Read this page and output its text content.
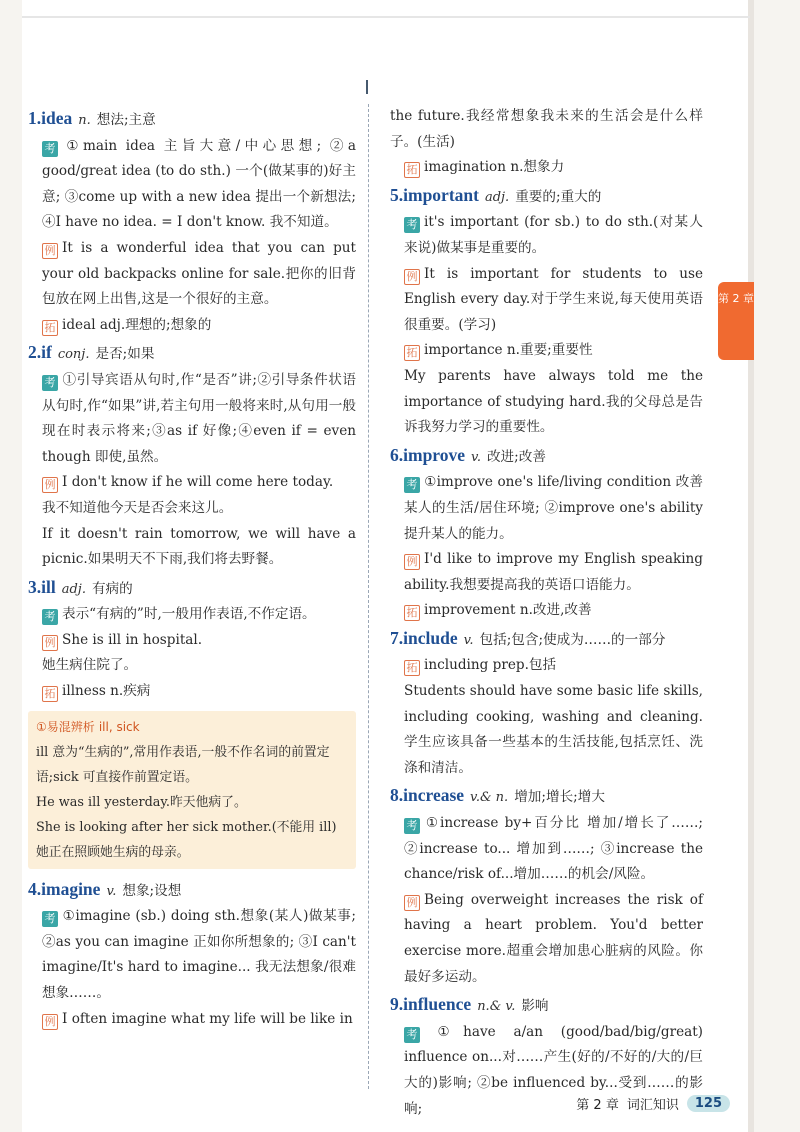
1.idea n. 想法;主意

考 ①main idea 主旨大意/中心思想; ②a good/great idea (to do sth.) 一个(做某事的)好主意; ③come up with a new idea 提出一个新想法; ④I have no idea. = I don't know. 我不知道。

例 It is a wonderful idea that you can put your old backpacks online for sale.把你的旧背包放在网上出售,这是一个很好的主意。

拓 ideal adj.理想的;想象的

2.if conj. 是否;如果

考 ①引导宾语从句时,作“是否”讲;②引导条件状语从句时,作“如果”讲,若主句用一般将来时,从句用一般现在时表示将来;③as if 好像;④even if = even though 即使,虽然。

例 I don't know if he will come here today.
我不知道他今天是否会来这儿。

If it doesn't rain tomorrow, we will have a picnic.如果明天不下雨,我们将去野餐。

3.ill adj. 有病的

考 表示“有病的”时,一般用作表语,不作定语。

例 She is ill in hospital.
她生病住院了。

拓 illness n.疾病

①易混辨析 ill, sick

ill 意为“生病的”,常用作表语,一般不作名词的前置定语;sick 可直接作前置定语。

He was ill yesterday.昨天他病了。

She is looking after her sick mother.(不能用 ill)

她正在照顾她生病的母亲。

4.imagine v. 想象;设想

考 ①imagine (sb.) doing sth.想象(某人)做某事; ②as you can imagine 正如你所想象的; ③I can't imagine/It's hard to imagine... 我无法想象/很难想象……。

例 I often imagine what my life will be like in

the future.我经常想象我未来的生活会是什么样子。(生活)

拓 imagination n.想象力

5.important adj. 重要的;重大的

考 it's important (for sb.) to do sth.(对某人来说)做某事是重要的。

例 It is important for students to use English every day.对于学生来说,每天使用英语很重要。(学习)

拓 importance n.重要;重要性

My parents have always told me the importance of studying hard.我的父母总是告诉我努力学习的重要性。

6.improve v. 改进;改善

考 ①improve one's life/living condition 改善某人的生活/居住环境; ②improve one's ability 提升某人的能力。

例 I'd like to improve my English speaking ability.我想要提高我的英语口语能力。

拓 improvement n.改进,改善

7.include v. 包括;包含;使成为……的一部分

拓 including prep.包括

Students should have some basic life skills, including cooking, washing and cleaning.学生应该具备一些基本的生活技能,包括烹饪、洗涤和清洁。

8.increase v.& n. 增加;增长;增大

考 ①increase by+百分比 增加/增长了……; ②increase to... 增加到……; ③increase the chance/risk of...增加……的机会/风险。

例 Being overweight increases the risk of having a heart problem. You'd better exercise more.超重会增加患心脏病的风险。你最好多运动。

9.influence n.& v. 影响

考 ①have a/an (good/bad/big/great) influence on...对……产生(好的/不好的/大的/巨大的)影响; ②be influenced by...受到……的影响;

第 2 章
第 2 章 词汇知识	125
